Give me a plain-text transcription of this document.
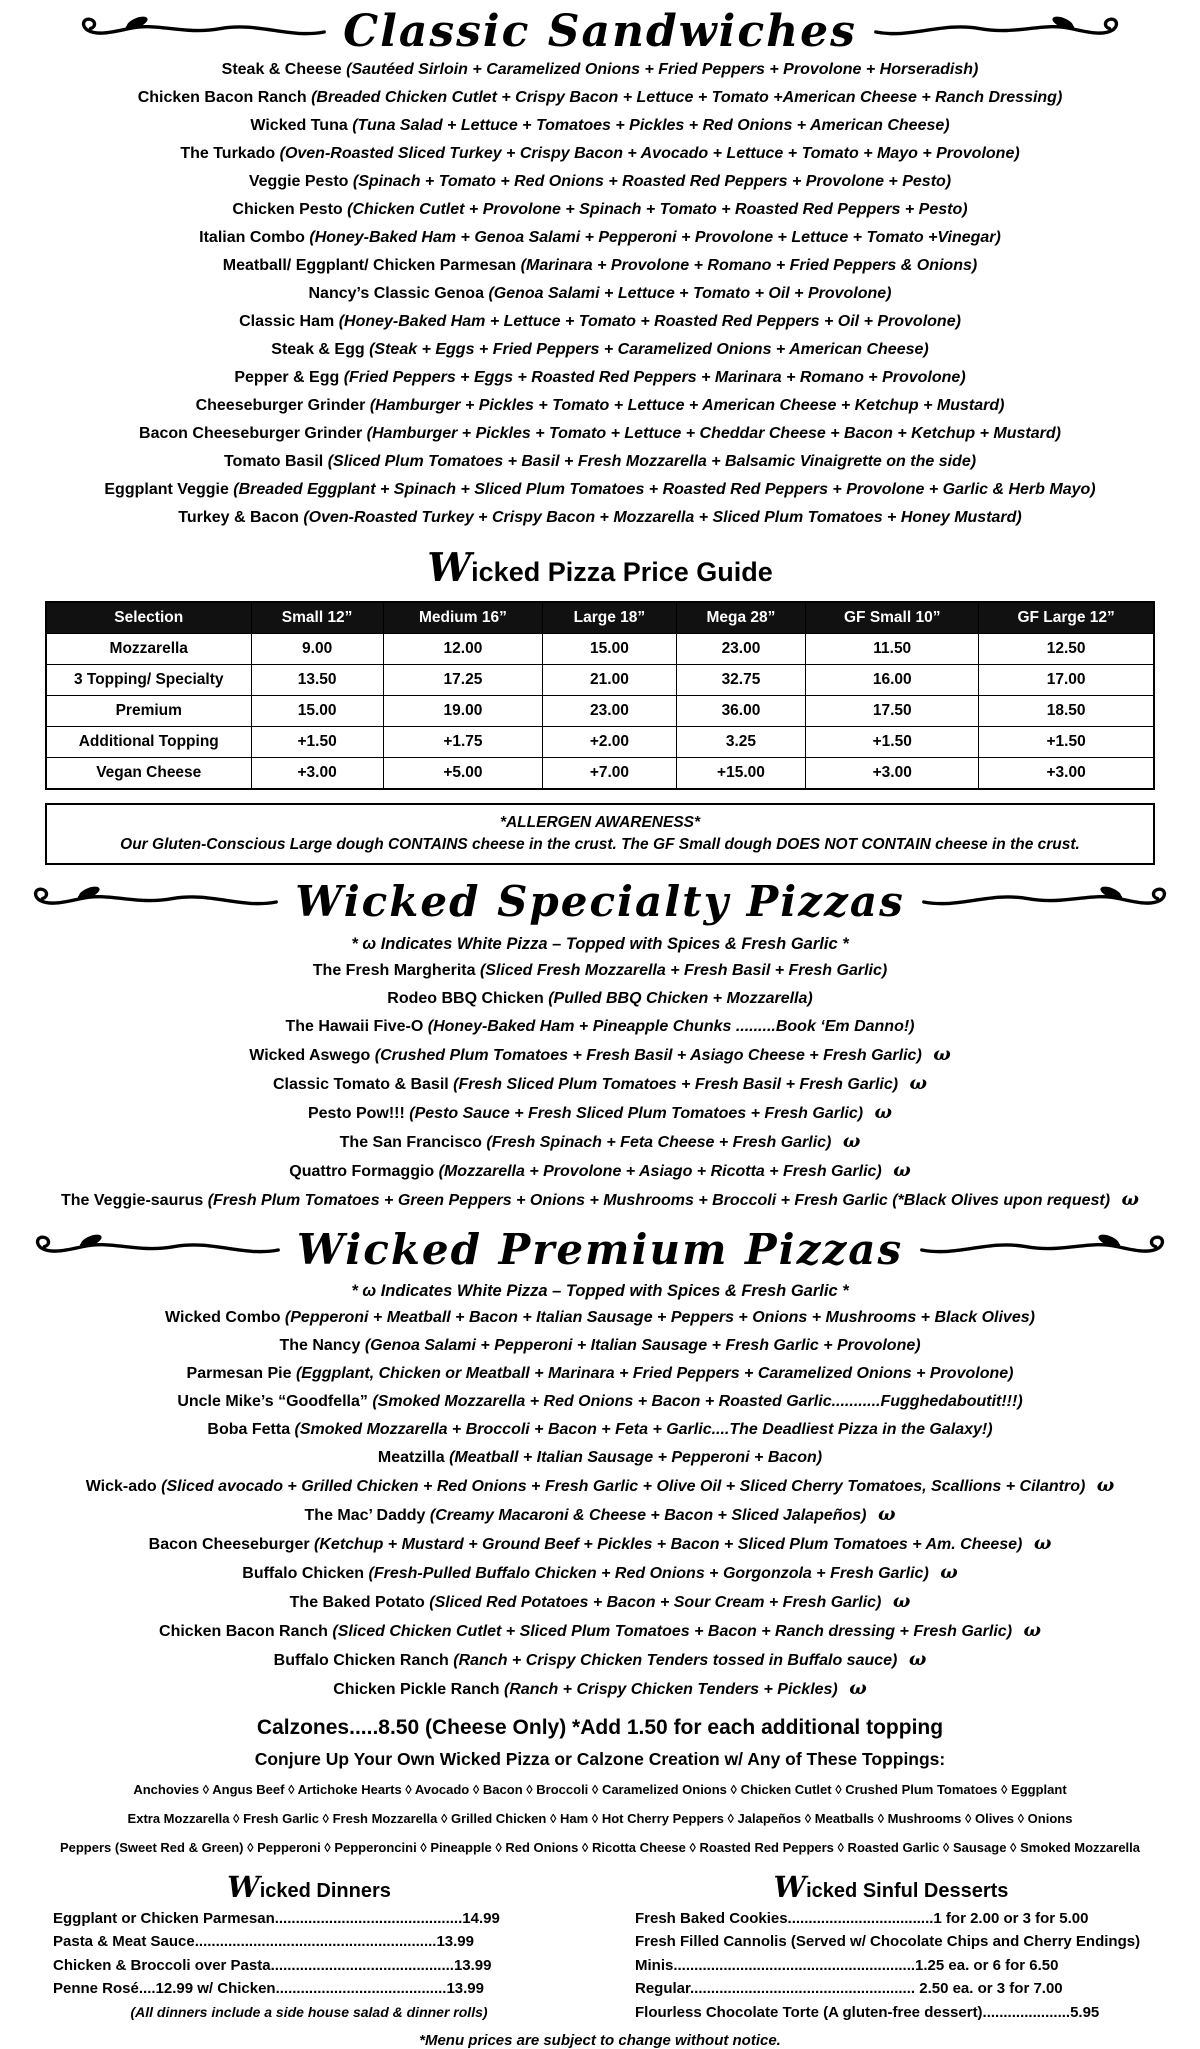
Classic Sandwiches
Steak & Cheese (Sautéed Sirloin + Caramelized Onions + Fried Peppers + Provolone + Horseradish)
Chicken Bacon Ranch (Breaded Chicken Cutlet + Crispy Bacon + Lettuce + Tomato +American Cheese + Ranch Dressing)
Wicked Tuna (Tuna Salad + Lettuce + Tomatoes + Pickles + Red Onions + American Cheese)
The Turkado (Oven-Roasted Sliced Turkey + Crispy Bacon + Avocado + Lettuce + Tomato + Mayo + Provolone)
Veggie Pesto (Spinach + Tomato + Red Onions + Roasted Red Peppers + Provolone + Pesto)
Chicken Pesto (Chicken Cutlet + Provolone + Spinach + Tomato + Roasted Red Peppers + Pesto)
Italian Combo (Honey-Baked Ham + Genoa Salami + Pepperoni + Provolone + Lettuce + Tomato +Vinegar)
Meatball/ Eggplant/ Chicken Parmesan (Marinara + Provolone + Romano + Fried Peppers & Onions)
Nancy’s Classic Genoa (Genoa Salami + Lettuce + Tomato + Oil + Provolone)
Classic Ham (Honey-Baked Ham + Lettuce + Tomato + Roasted Red Peppers + Oil + Provolone)
Steak & Egg (Steak + Eggs + Fried Peppers + Caramelized Onions + American Cheese)
Pepper & Egg (Fried Peppers + Eggs + Roasted Red Peppers + Marinara + Romano + Provolone)
Cheeseburger Grinder (Hamburger + Pickles + Tomato + Lettuce + American Cheese + Ketchup + Mustard)
Bacon Cheeseburger Grinder (Hamburger + Pickles + Tomato + Lettuce + Cheddar Cheese + Bacon + Ketchup + Mustard)
Tomato Basil (Sliced Plum Tomatoes + Basil + Fresh Mozzarella + Balsamic Vinaigrette on the side)
Eggplant Veggie (Breaded Eggplant + Spinach + Sliced Plum Tomatoes + Roasted Red Peppers + Provolone + Garlic & Herb Mayo)
Turkey & Bacon (Oven-Roasted Turkey + Crispy Bacon + Mozzarella + Sliced Plum Tomatoes + Honey Mustard)
Wicked Pizza Price Guide
Selection	Small 12”	Medium 16”	Large 18”	Mega 28”	GF Small 10”	GF Large 12”
Mozzarella	9.00	12.00	15.00	23.00	11.50	12.50
3 Topping/ Specialty	13.50	17.25	21.00	32.75	16.00	17.00
Premium	15.00	19.00	23.00	36.00	17.50	18.50
Additional Topping	+1.50	+1.75	+2.00	3.25	+1.50	+1.50
Vegan Cheese	+3.00	+5.00	+7.00	+15.00	+3.00	+3.00
*ALLERGEN AWARENESS*
Our Gluten-Conscious Large dough CONTAINS cheese in the crust. The GF Small dough DOES NOT CONTAIN cheese in the crust.
Wicked Specialty Pizzas
* ω Indicates White Pizza – Topped with Spices & Fresh Garlic *
The Fresh Margherita (Sliced Fresh Mozzarella + Fresh Basil + Fresh Garlic)
Rodeo BBQ Chicken (Pulled BBQ Chicken + Mozzarella)
The Hawaii Five-O (Honey-Baked Ham + Pineapple Chunks .........Book ‘Em Danno!)
Wicked Aswego (Crushed Plum Tomatoes + Fresh Basil + Asiago Cheese + Fresh Garlic) ω
Classic Tomato & Basil (Fresh Sliced Plum Tomatoes + Fresh Basil + Fresh Garlic) ω
Pesto Pow!!! (Pesto Sauce + Fresh Sliced Plum Tomatoes + Fresh Garlic) ω
The San Francisco (Fresh Spinach + Feta Cheese + Fresh Garlic) ω
Quattro Formaggio (Mozzarella + Provolone + Asiago + Ricotta + Fresh Garlic) ω
The Veggie-saurus (Fresh Plum Tomatoes + Green Peppers + Onions + Mushrooms + Broccoli + Fresh Garlic (*Black Olives upon request) ω
Wicked Premium Pizzas
* ω Indicates White Pizza – Topped with Spices & Fresh Garlic *
Wicked Combo (Pepperoni + Meatball + Bacon + Italian Sausage + Peppers + Onions + Mushrooms + Black Olives)
The Nancy (Genoa Salami + Pepperoni + Italian Sausage + Fresh Garlic + Provolone)
Parmesan Pie (Eggplant, Chicken or Meatball + Marinara + Fried Peppers + Caramelized Onions + Provolone)
Uncle Mike’s “Goodfella” (Smoked Mozzarella + Red Onions + Bacon + Roasted Garlic...........Fugghedaboutit!!!)
Boba Fetta (Smoked Mozzarella + Broccoli + Bacon + Feta + Garlic....The Deadliest Pizza in the Galaxy!)
Meatzilla (Meatball + Italian Sausage + Pepperoni + Bacon)
Wick-ado (Sliced avocado + Grilled Chicken + Red Onions + Fresh Garlic + Olive Oil + Sliced Cherry Tomatoes, Scallions + Cilantro) ω
The Mac’ Daddy (Creamy Macaroni & Cheese + Bacon + Sliced Jalapeños) ω
Bacon Cheeseburger (Ketchup + Mustard + Ground Beef + Pickles + Bacon + Sliced Plum Tomatoes + Am. Cheese) ω
Buffalo Chicken (Fresh-Pulled Buffalo Chicken + Red Onions + Gorgonzola + Fresh Garlic) ω
The Baked Potato (Sliced Red Potatoes + Bacon + Sour Cream + Fresh Garlic) ω
Chicken Bacon Ranch (Sliced Chicken Cutlet + Sliced Plum Tomatoes + Bacon + Ranch dressing + Fresh Garlic) ω
Buffalo Chicken Ranch (Ranch + Crispy Chicken Tenders tossed in Buffalo sauce) ω
Chicken Pickle Ranch (Ranch + Crispy Chicken Tenders + Pickles) ω
Calzones.....8.50 (Cheese Only) *Add 1.50 for each additional topping
Conjure Up Your Own Wicked Pizza or Calzone Creation w/ Any of These Toppings:
Anchovies ◊ Angus Beef ◊ Artichoke Hearts ◊ Avocado ◊ Bacon ◊ Broccoli ◊ Caramelized Onions ◊ Chicken Cutlet ◊ Crushed Plum Tomatoes ◊ Eggplant
Extra Mozzarella ◊ Fresh Garlic ◊ Fresh Mozzarella ◊ Grilled Chicken ◊ Ham ◊ Hot Cherry Peppers ◊ Jalapeños ◊ Meatballs ◊ Mushrooms ◊ Olives ◊ Onions
Peppers (Sweet Red & Green) ◊ Pepperoni ◊ Pepperoncini ◊ Pineapple ◊ Red Onions ◊ Ricotta Cheese ◊ Roasted Red Peppers ◊ Roasted Garlic ◊ Sausage ◊ Smoked Mozzarella
Wicked Dinners
Eggplant or Chicken Parmesan.............................................14.99
Pasta & Meat Sauce..........................................................13.99
Chicken & Broccoli over Pasta............................................13.99
Penne Rosé....12.99 w/ Chicken.........................................13.99
(All dinners include a side house salad & dinner rolls)
Wicked Sinful Desserts
Fresh Baked Cookies...................................1 for 2.00 or 3 for 5.00
Fresh Filled Cannolis (Served w/ Chocolate Chips and Cherry Endings)
Minis..........................................................1.25 ea. or 6 for 6.50
Regular...................................................... 2.50 ea. or 3 for 7.00
Flourless Chocolate Torte (A gluten-free dessert).....................5.95
*Menu prices are subject to change without notice.
